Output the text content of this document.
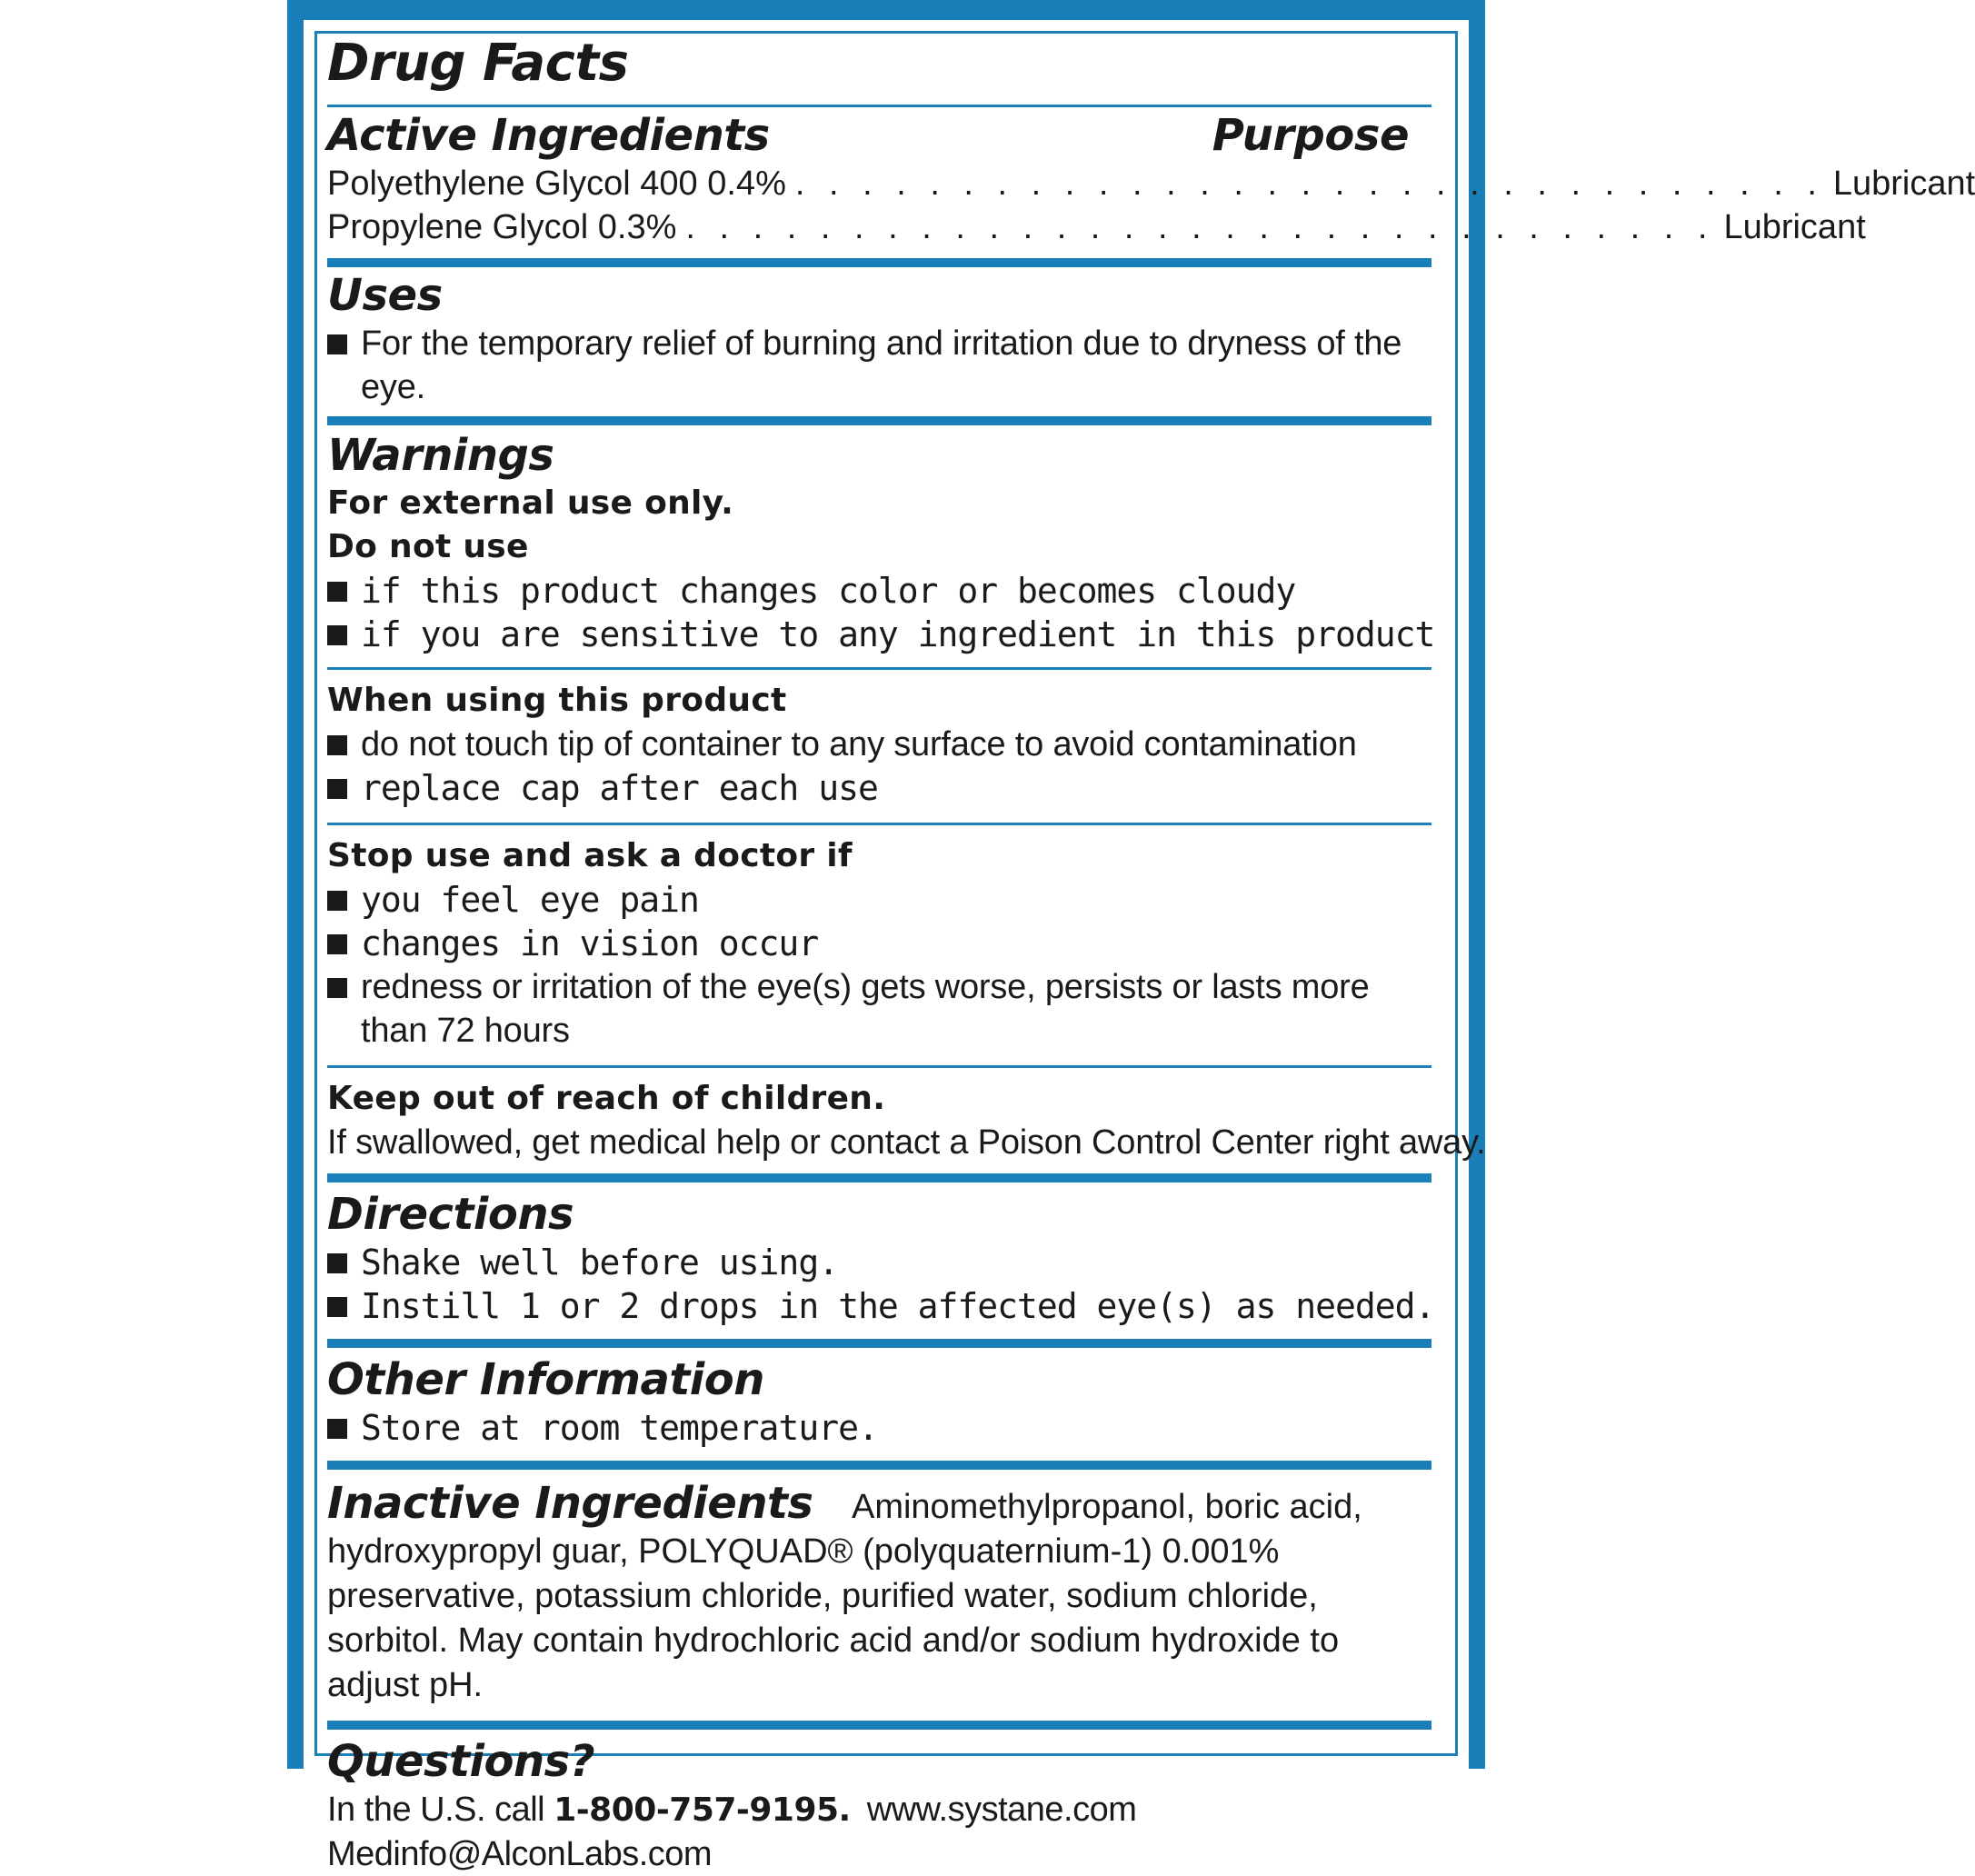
Drug Facts
Active Ingredients	Purpose
Polyethylene Glycol 400 0.4% . . . . . . . . . . . . . . . . . . . . . . . . . . . . . . . Lubricant
Propylene Glycol 0.3% . . . . . . . . . . . . . . . . . . . . . . . . . . . . . . . Lubricant
Uses
For the temporary relief of burning and irritation due to dryness of the eye.
Warnings

For external use only.

Do not use

if this product changes color or becomes cloudy
if you are sensitive to any ingredient in this product

When using this product

do not touch tip of container to any surface to avoid contamination
replace cap after each use

Stop use and ask a doctor if

you feel eye pain
changes in vision occur
redness or irritation of the eye(s) gets worse, persists or lasts more than 72 hours

Keep out of reach of children.

If swallowed, get medical help or contact a Poison Control Center right away.

Directions
Shake well before using.
Instill 1 or 2 drops in the affected eye(s) as needed.
Other Information
Store at room temperature.

Inactive Ingredients Aminomethylpropanol, boric acid, hydroxypropyl guar, POLYQUAD® (polyquaternium-1) 0.001% preservative, potassium chloride, purified water, sodium chloride, sorbitol. May contain hydrochloric acid and/or sodium hydroxide to adjust pH.

Questions?

In the U.S. call 1-800-757-9195. www.systane.com

Medinfo@AlconLabs.com
